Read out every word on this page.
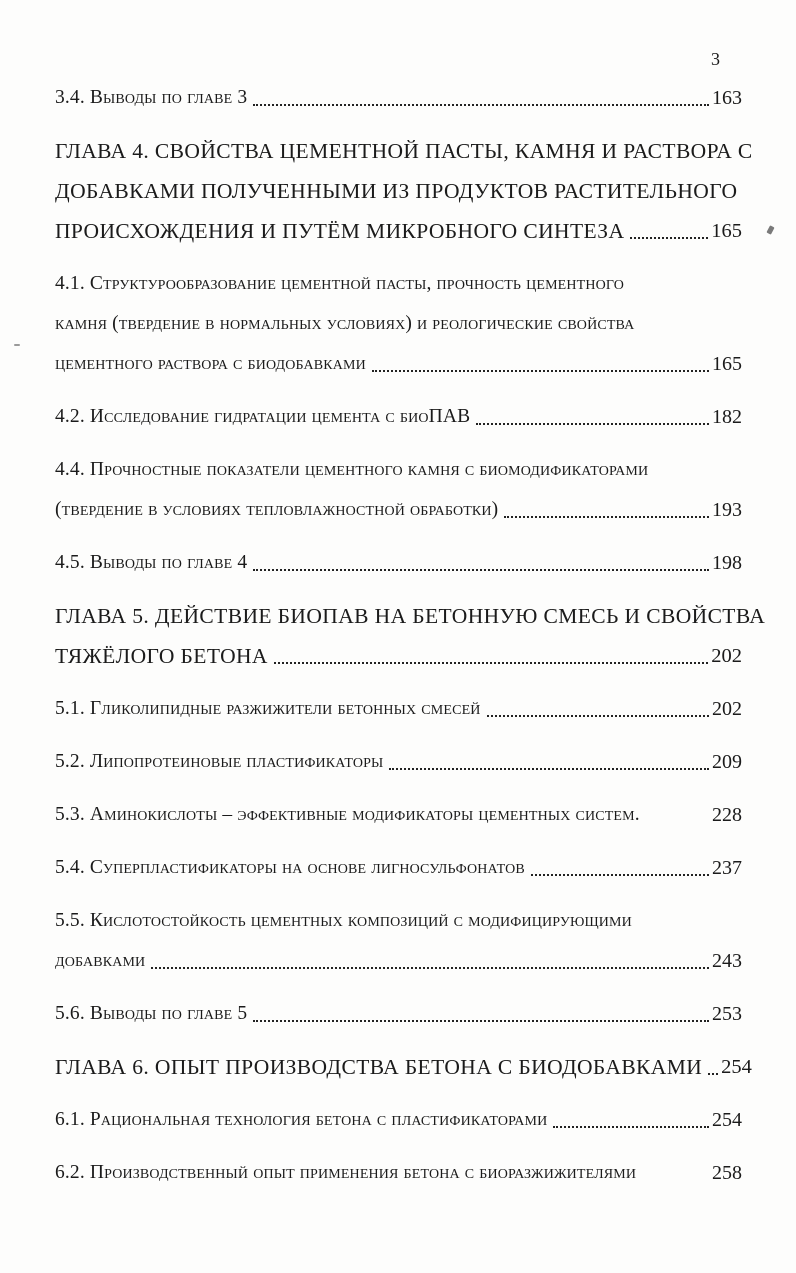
3
3.4. Выводы по главе 3	163
ГЛАВА 4. СВОЙСТВА ЦЕМЕНТНОЙ ПАСТЫ, КАМНЯ И РАСТВОРА С
ДОБАВКАМИ ПОЛУЧЕННЫМИ ИЗ ПРОДУКТОВ РАСТИТЕЛЬНОГО
ПРОИСХОЖДЕНИЯ И ПУТЁМ МИКРОБНОГО СИНТЕЗА	165
4.1. Структурообразование цементной пасты, прочность цементного
камня (твердение в нормальных условиях) и реологические свойства
цементного раствора с биодобавками	165
4.2. Исследование гидратации цемента с биоПАВ	182
4.4. Прочностные показатели цементного камня с биомодификаторами
(твердение в условиях тепловлажностной обработки)	193
4.5. Выводы по главе 4	198
ГЛАВА 5. ДЕЙСТВИЕ БИОПАВ НА БЕТОННУЮ СМЕСЬ И СВОЙСТВА
ТЯЖЁЛОГО БЕТОНА	202
5.1. Гликолипидные разжижители бетонных смесей	202
5.2. Липопротеиновые пластификаторы	209
5.3. Аминокислоты – эффективные модификаторы цементных систем.	228
5.4. Суперпластификаторы на основе лигносульфонатов	237
5.5. Кислотостойкость цементных композиций с модифицирующими
добавками	243
5.6. Выводы по главе 5	253
ГЛАВА 6. ОПЫТ ПРОИЗВОДСТВА БЕТОНА С БИОДОБАВКАМИ 254
6.1. Рациональная технология бетона с пластификаторами	254
6.2. Производственный опыт применения бетона с биоразжижителями	258
